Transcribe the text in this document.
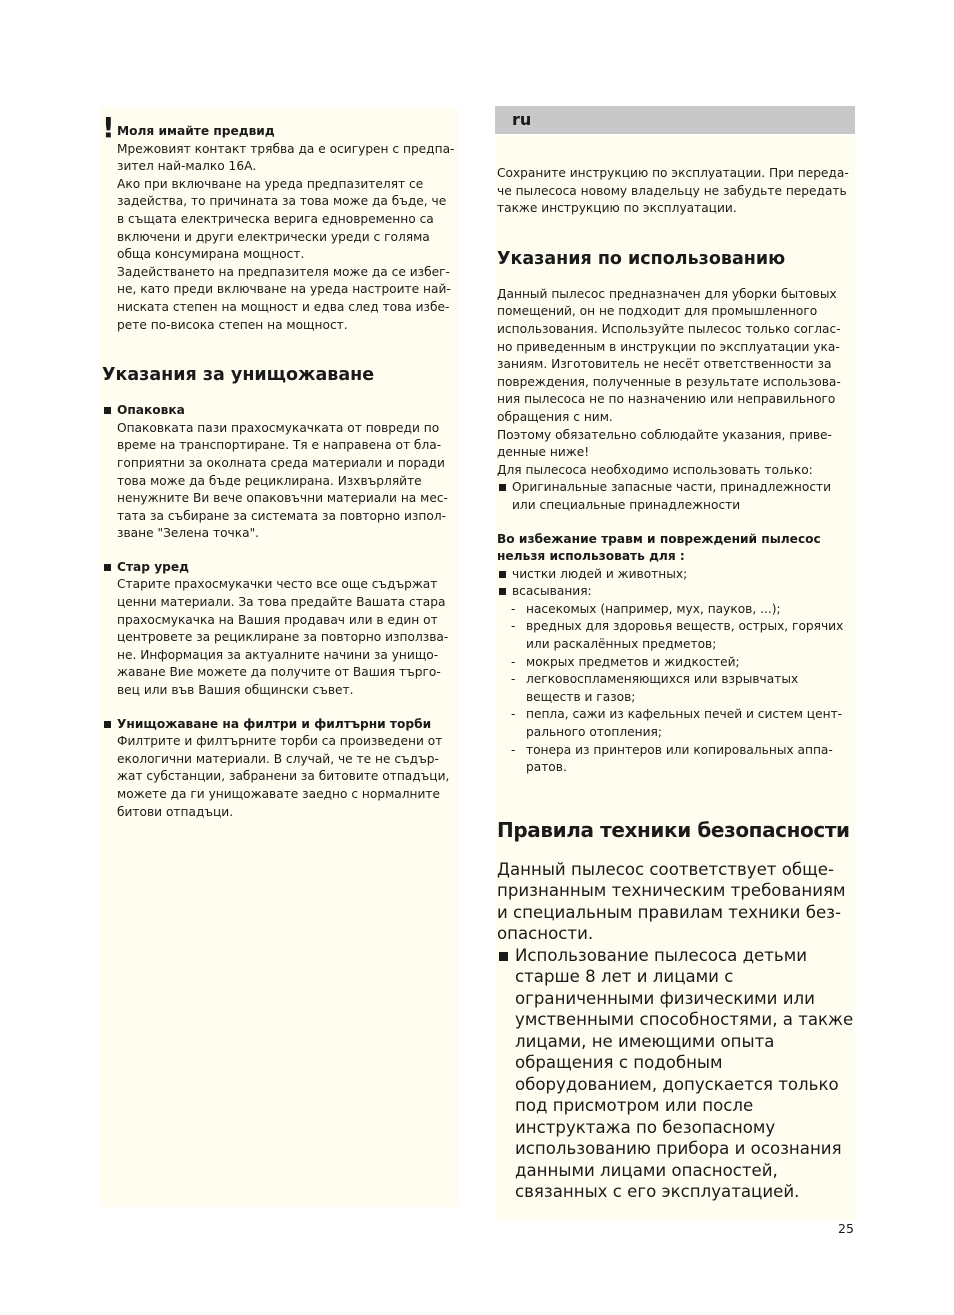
! Моля имайте предвид

Мрежовият контакт трябва да е осигурен с предпа-
зител най-малко 16А.
Ако при включване на уреда предпазителят се
задейства, то причината за това може да бъде, че
в същата електрическа верига едновременно са
включени и други електрически уреди с голяма
обща консумирана мощност.
Задействането на предпазителя може да се избег-
не, като преди включване на уреда настроите най-
ниската степен на мощност и едва след това избе-
рете по-висока степен на мощност.

Указания за унищожаване

Опаковка
Опаковката пази прахосмукачката от повреди по
време на транспортиране. Тя е направена от бла-
гоприятни за околната среда материали и поради
това може да бъде рециклирана. Изхвърляйте
ненужните Ви вече опаковъчни материали на мес-
тата за събиране за системата за повторно изпол-
зване "Зелена точка".
Стар уред
Старите прахосмукачки често все още съдържат
ценни материали. За това предайте Вашата стара
прахосмукачка на Вашия продавач или в един от
центровете за рециклиране за повторно използва-
не. Информация за актуалните начини за унищо-
жаване Вие можете да получите от Вашия търго-
вец или във Вашия общински съвет.
Унищожаване на филтри и филтърни торби
Филтрите и филтърните торби са произведени от
екологични материали. В случай, че те не съдър-
жат субстанции, забранени за битовите отпадъци,
можете да ги унищожавате заедно с нормалните
битови отпадъци.
ru
Сохраните инструкцию по эксплуатации. При переда-
че пылесоса новому владельцу не забудьте передать
также инструкцию по эксплуатации.

Указания по использованию

Данный пылесос предназначен для уборки бытовых
помещений, он не подходит для промышленного
использования. Используйте пылесос только соглас-
но приведенным в инструкции по эксплуатации ука-
заниям. Изготовитель не несёт ответственности за
повреждения, полученные в результате использова-
ния пылесоса не по назначению или неправильного
обращения с ним.
Поэтому обязательно соблюдайте указания, приве-
денные ниже!
Для пылесоса необходимо использовать только:
Оригинальные запасные части, принадлежности
или специальные принадлежности
Во избежание травм и повреждений пылесос
нельзя использовать для :
чистки людей и животных;
всасывания:
- насекомых (например, мух, пауков, ...);
- вредных для здоровья веществ, острых, горячих
или раскалённых предметов;
- мокрых предметов и жидкостей;
- легковоспламеняющихся или взрывчатых
веществ и газов;
- пепла, сажи из кафельных печей и систем цент-
рального отопления;
- тонера из принтеров или копировальных аппа-
ратов.

Правила техники безопасности

Данный пылесос соответствует обще-
признанным техническим требованиям
и специальным правилам техники без-
опасности.
Использование пылесоса детьми
старше 8 лет и лицами с
ограниченными физическими или
умственными способностями, а также
лицами, не имеющими опыта
обращения с подобным
оборудованием, допускается только
под присмотром или после
инструктажа по безопасному
использованию прибора и осознания
данными лицами опасностей,
связанных с его эксплуатацией.
25
